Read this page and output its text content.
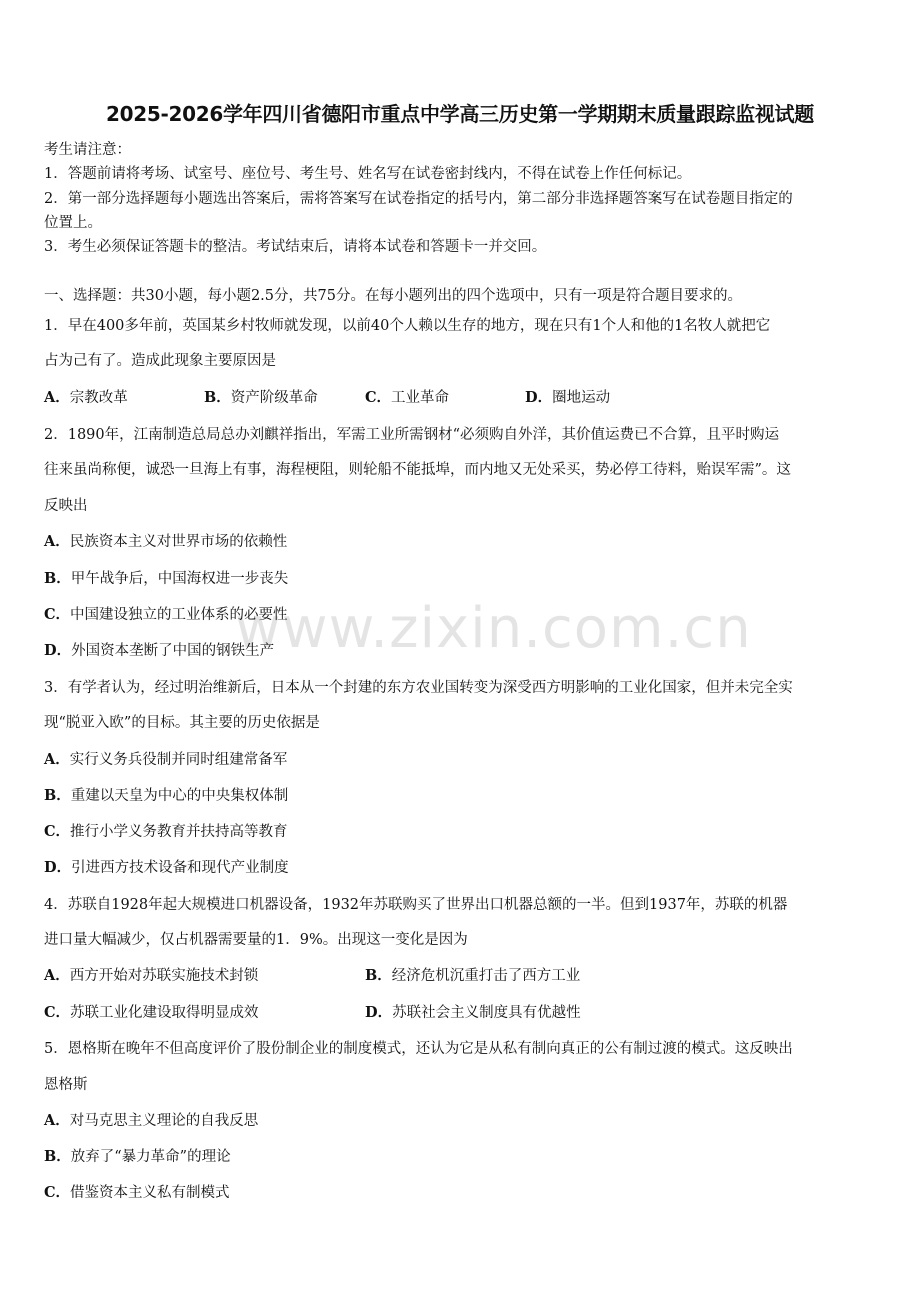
2025-2026学年四川省德阳市重点中学高三历史第一学期期末质量跟踪监视试题
考生请注意：
1．答题前请将考场、试室号、座位号、考生号、姓名写在试卷密封线内，不得在试卷上作任何标记。
2．第一部分选择题每小题选出答案后，需将答案写在试卷指定的括号内，第二部分非选择题答案写在试卷题目指定的
位置上。
3．考生必须保证答题卡的整洁。考试结束后，请将本试卷和答题卡一并交回。
一、选择题：共30小题，每小题2.5分，共75分。在每小题列出的四个选项中，只有一项是符合题目要求的。
1．早在400多年前，英国某乡村牧师就发现，以前40个人赖以生存的地方，现在只有1个人和他的1名牧人就把它
占为己有了。造成此现象主要原因是
A．宗教改革	B．资产阶级革命	C．工业革命	D．圈地运动
2．1890年，江南制造总局总办刘麒祥指出，军需工业所需钢材“必须购自外洋，其价值运费已不合算，且平时购运
往来虽尚称便，诚恐一旦海上有事，海程梗阻，则轮船不能抵埠，而内地又无处采买，势必停工待料，贻误军需”。这
反映出
A．民族资本主义对世界市场的依赖性
B．甲午战争后，中国海权进一步丧失
C．中国建设独立的工业体系的必要性
D．外国资本垄断了中国的钢铁生产
3．有学者认为，经过明治维新后，日本从一个封建的东方农业国转变为深受西方明影响的工业化国家，但并未完全实
现“脱亚入欧”的目标。其主要的历史依据是
A．实行义务兵役制并同时组建常备军
B．重建以天皇为中心的中央集权体制
C．推行小学义务教育并扶持高等教育
D．引进西方技术设备和现代产业制度
4．苏联自1928年起大规模进口机器设备，1932年苏联购买了世界出口机器总额的一半。但到1937年，苏联的机器
进口量大幅减少，仅占机器需要量的1．9%。出现这一变化是因为
A．西方开始对苏联实施技术封锁	B．经济危机沉重打击了西方工业
C．苏联工业化建设取得明显成效	D．苏联社会主义制度具有优越性
5．恩格斯在晚年不但高度评价了股份制企业的制度模式，还认为它是从私有制向真正的公有制过渡的模式。这反映出
恩格斯
A．对马克思主义理论的自我反思
B．放弃了“暴力革命”的理论
C．借鉴资本主义私有制模式
www.zixin.com.cn
